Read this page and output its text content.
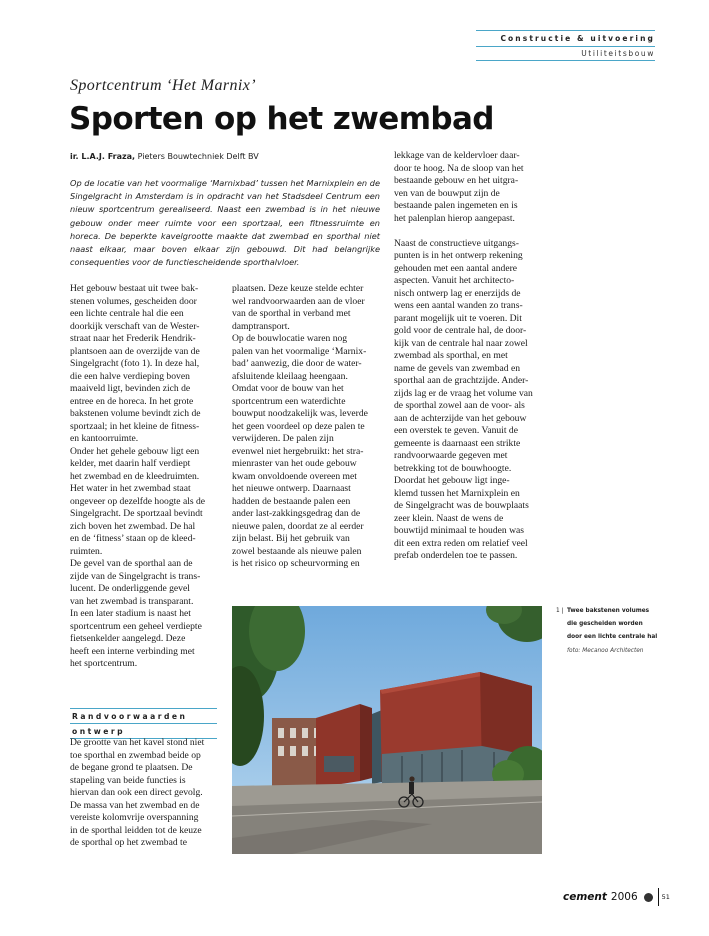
Constructie & uitvoering
Utiliteitsbouw
Sportcentrum ‘Het Marnix’
Sporten op het zwembad
ir. L.A.J. Fraza, Pieters Bouwtechniek Delft BV
Op de locatie van het voormalige ‘Marnixbad’ tussen het Marnixplein en de Singelgracht in Amsterdam is in opdracht van het Stadsdeel Centrum een nieuw sportcentrum gerealiseerd. Naast een zwembad is in het nieuwe gebouw onder meer ruimte voor een sportzaal, een fitnessruimte en horeca. De beperkte kavelgrootte maakte dat zwembad en sporthal niet naast elkaar, maar boven elkaar zijn gebouwd. Dit had belangrijke consequenties voor de functiescheidende sporthalvloer.

Het gebouw bestaat uit twee bak-
stenen volumes, gescheiden door
een lichte centrale hal die een
doorkijk verschaft van de Wester-
straat naar het Frederik Hendrik-
plantsoen aan de overzijde van de
Singelgracht (foto 1). In deze hal,
die een halve verdieping boven
maaiveld ligt, bevinden zich de
entree en de horeca. In het grote
bakstenen volume bevindt zich de
sportzaal; in het kleine de fitness-
en kantoorruimte.
Onder het gehele gebouw ligt een
kelder, met daarin half verdiept
het zwembad en de kleedruimten.
Het water in het zwembad staat
ongeveer op dezelfde hoogte als de
Singelgracht. De sportzaal bevindt
zich boven het zwembad. De hal
en de ‘fitness’ staan op de kleed-
ruimten.
De gevel van de sporthal aan de
zijde van de Singelgracht is trans-
lucent. De onderliggende gevel
van het zwembad is transparant.
In een later stadium is naast het
sportcentrum een geheel verdiepte
fietsenkelder aangelegd. Deze
heeft een interne verbinding met
het sportcentrum.

Randvoorwaarden
ontwerp

De grootte van het kavel stond niet
toe sporthal en zwembad beide op
de begane grond te plaatsen. De
stapeling van beide functies is
hiervan dan ook een direct gevolg.
De massa van het zwembad en de
vereiste kolomvrije overspanning
in de sporthal leidden tot de keuze
de sporthal op het zwembad te

plaatsen. Deze keuze stelde echter
wel randvoorwaarden aan de vloer
van de sporthal in verband met
damptransport.
Op de bouwlocatie waren nog
palen van het voormalige ‘Marnix-
bad’ aanwezig, die door de water-
afsluitende kleilaag heengaan.
Omdat voor de bouw van het
sportcentrum een waterdichte
bouwput noodzakelijk was, leverde
het geen voordeel op deze palen te
verwijderen. De palen zijn
evenwel niet hergebruikt: het stra-
mienraster van het oude gebouw
kwam onvoldoende overeen met
het nieuwe ontwerp. Daarnaast
hadden de bestaande palen een
ander last-zakkingsgedrag dan de
nieuwe palen, doordat ze al eerder
zijn belast. Bij het gebruik van
zowel bestaande als nieuwe palen
is het risico op scheurvorming en

lekkage van de keldervloer daar-
door te hoog. Na de sloop van het
bestaande gebouw en het uitgra-
ven van de bouwput zijn de
bestaande palen ingemeten en is
het palenplan hierop aangepast.

Naast de constructieve uitgangs-
punten is in het ontwerp rekening
gehouden met een aantal andere
aspecten. Vanuit het architecto-
nisch ontwerp lag er enerzijds de
wens een aantal wanden zo trans-
parant mogelijk uit te voeren. Dit
gold voor de centrale hal, de door-
kijk van de centrale hal naar zowel
zwembad als sporthal, en met
name de gevels van zwembad en
sporthal aan de grachtzijde. Ander-
zijds lag er de vraag het volume van
de sporthal zowel aan de voor- als
aan de achterzijde van het gebouw
een overstek te geven. Vanuit de
gemeente is daarnaast een strikte
randvoorwaarde gegeven met
betrekking tot de bouwhoogte.
Doordat het gebouw ligt inge-
klemd tussen het Marnixplein en
de Singelgracht was de bouwplaats
zeer klein. Naast de wens de
bouwtijd minimaal te houden was
dit een extra reden om relatief veel
prefab onderdelen toe te passen.

1 | Twee bakstenen volumes
die gescheiden worden
door een lichte centrale hal
foto: Mecanoo Architecten
cement 2006	51
